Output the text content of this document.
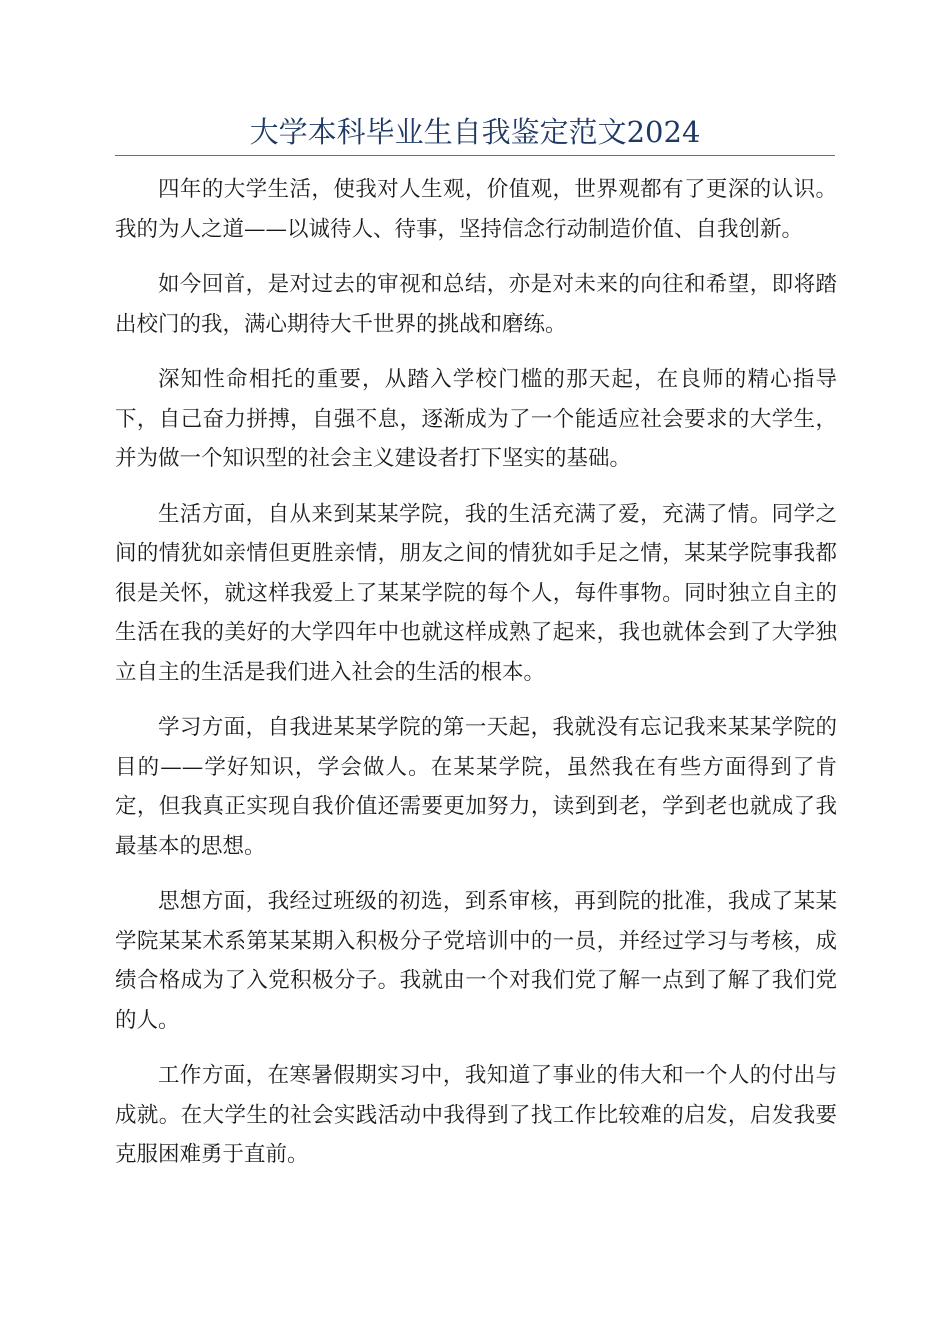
大学本科毕业生自我鉴定范文2024

四年的大学生活，使我对人生观，价值观，世界观都有了更深的认识。我的为人之道——以诚待人、待事，坚持信念行动制造价值、自我创新。

如今回首，是对过去的审视和总结，亦是对未来的向往和希望，即将踏出校门的我，满心期待大千世界的挑战和磨练。

深知性命相托的重要，从踏入学校门槛的那天起，在良师的精心指导下，自己奋力拼搏，自强不息，逐渐成为了一个能适应社会要求的大学生，并为做一个知识型的社会主义建设者打下坚实的基础。

生活方面，自从来到某某学院，我的生活充满了爱，充满了情。同学之间的情犹如亲情但更胜亲情，朋友之间的情犹如手足之情，某某学院事我都很是关怀，就这样我爱上了某某学院的每个人，每件事物。同时独立自主的生活在我的美好的大学四年中也就这样成熟了起来，我也就体会到了大学独立自主的生活是我们进入社会的生活的根本。

学习方面，自我进某某学院的第一天起，我就没有忘记我来某某学院的目的——学好知识，学会做人。在某某学院，虽然我在有些方面得到了肯定，但我真正实现自我价值还需要更加努力，读到到老，学到老也就成了我最基本的思想。

思想方面，我经过班级的初选，到系审核，再到院的批准，我成了某某学院某某术系第某某期入积极分子党培训中的一员，并经过学习与考核，成绩合格成为了入党积极分子。我就由一个对我们党了解一点到了解了我们党的人。

工作方面，在寒暑假期实习中，我知道了事业的伟大和一个人的付出与成就。在大学生的社会实践活动中我得到了找工作比较难的启发，启发我要克服困难勇于直前。
